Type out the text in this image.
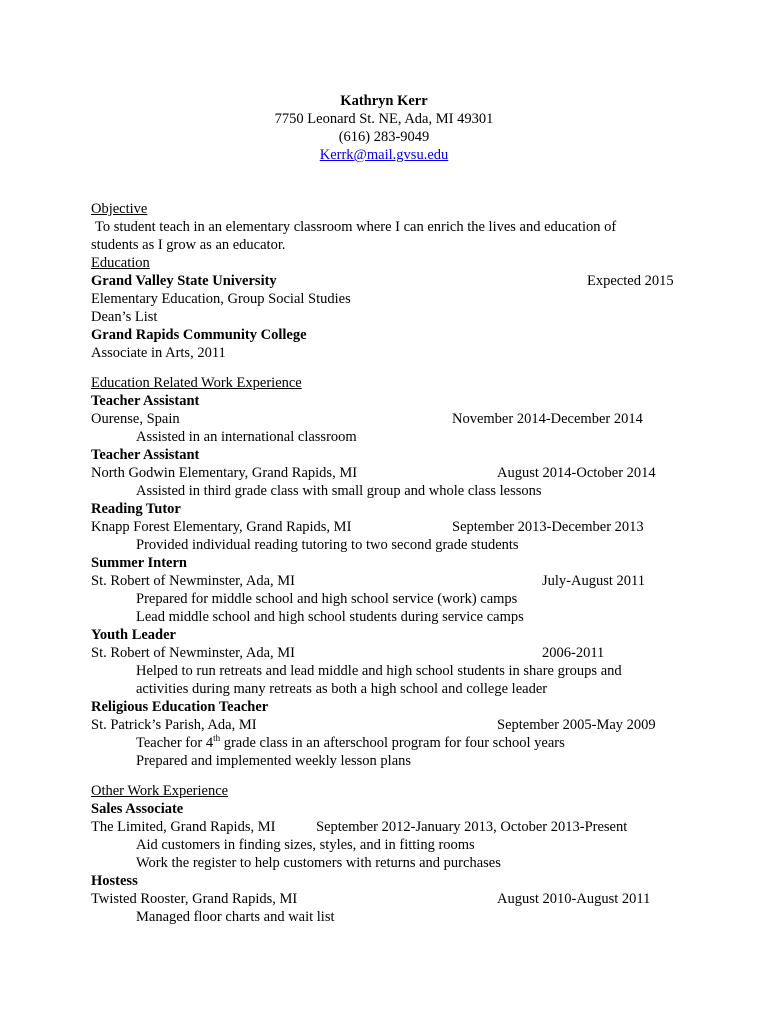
Kathryn Kerr
7750 Leonard St. NE, Ada, MI 49301
(616) 283-9049
Kerrk@mail.gvsu.edu
Objective
To student teach in an elementary classroom where I can enrich the lives and education of
students as I grow as an educator.
Education
Grand Valley State University	Expected 2015
Elementary Education, Group Social Studies
Dean’s List
Grand Rapids Community College
Associate in Arts, 2011
Education Related Work Experience
Teacher Assistant
Ourense, Spain	November 2014-December 2014
Assisted in an international classroom
Teacher Assistant
North Godwin Elementary, Grand Rapids, MI	August 2014-October 2014
Assisted in third grade class with small group and whole class lessons
Reading Tutor
Knapp Forest Elementary, Grand Rapids, MI	September 2013-December 2013
Provided individual reading tutoring to two second grade students
Summer Intern
St. Robert of Newminster, Ada, MI	July-August 2011
Prepared for middle school and high school service (work) camps
Lead middle school and high school students during service camps
Youth Leader
St. Robert of Newminster, Ada, MI	2006-2011
Helped to run retreats and lead middle and high school students in share groups and
activities during many retreats as both a high school and college leader
Religious Education Teacher
St. Patrick’s Parish, Ada, MI	September 2005-May 2009
Teacher for 4th grade class in an afterschool program for four school years
Prepared and implemented weekly lesson plans
Other Work Experience
Sales Associate
The Limited, Grand Rapids, MI	September 2012-January 2013, October 2013-Present
Aid customers in finding sizes, styles, and in fitting rooms
Work the register to help customers with returns and purchases
Hostess
Twisted Rooster, Grand Rapids, MI	August 2010-August 2011
Managed floor charts and wait list
